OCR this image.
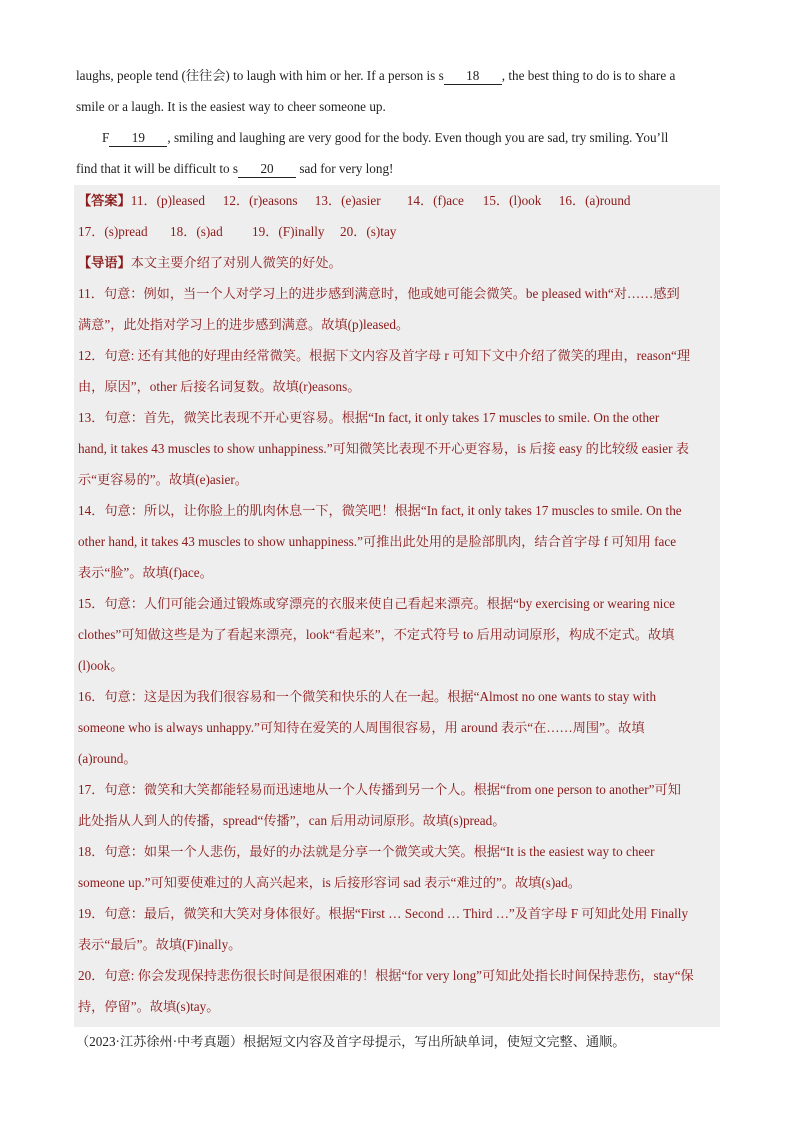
laughs, people tend (往往会) to laugh with him or her. If a person is s 18 , the best thing to do is to share a
smile or a laugh. It is the easiest way to cheer someone up.
F 19 , smiling and laughing are very good for the body. Even though you are sad, try smiling. You’ll
find that it will be difficult to s 20 sad for very long!
【答案】11．(p)leased 12．(r)easons 13．(e)asier 14．(f)ace 15．(l)ook 16．(a)round
17．(s)pread 18．(s)ad 19．(F)inally 20．(s)tay
【导语】本文主要介绍了对别人微笑的好处。
11．句意：例如，当一个人对学习上的进步感到满意时，他或她可能会微笑。be pleased with“对……感到
满意”，此处指对学习上的进步感到满意。故填(p)leased。
12．句意: 还有其他的好理由经常微笑。根据下文内容及首字母 r 可知下文中介绍了微笑的理由，reason“理
由，原因”，other 后接名词复数。故填(r)easons。
13．句意：首先，微笑比表现不开心更容易。根据“In fact, it only takes 17 muscles to smile. On the other
hand, it takes 43 muscles to show unhappiness.”可知微笑比表现不开心更容易，is 后接 easy 的比较级 easier 表
示“更容易的”。故填(e)asier。
14．句意：所以，让你脸上的肌肉休息一下，微笑吧！根据“In fact, it only takes 17 muscles to smile. On the
other hand, it takes 43 muscles to show unhappiness.”可推出此处用的是脸部肌肉，结合首字母 f 可知用 face
表示“脸”。故填(f)ace。
15．句意：人们可能会通过锻炼或穿漂亮的衣服来使自己看起来漂亮。根据“by exercising or wearing nice
clothes”可知做这些是为了看起来漂亮，look“看起来”，不定式符号 to 后用动词原形，构成不定式。故填
(l)ook。
16．句意：这是因为我们很容易和一个微笑和快乐的人在一起。根据“Almost no one wants to stay with
someone who is always unhappy.”可知待在爱笑的人周围很容易，用 around 表示“在……周围”。故填
(a)round。
17．句意：微笑和大笑都能轻易而迅速地从一个人传播到另一个人。根据“from one person to another”可知
此处指从人到人的传播，spread“传播”，can 后用动词原形。故填(s)pread。
18．句意：如果一个人悲伤，最好的办法就是分享一个微笑或大笑。根据“It is the easiest way to cheer
someone up.”可知要使难过的人高兴起来，is 后接形容词 sad 表示“难过的”。故填(s)ad。
19．句意：最后，微笑和大笑对身体很好。根据“First … Second … Third …”及首字母 F 可知此处用 Finally
表示“最后”。故填(F)inally。
20．句意: 你会发现保持悲伤很长时间是很困难的！根据“for very long”可知此处指长时间保持悲伤，stay“保
持，停留”。故填(s)tay。
（2023·江苏徐州·中考真题）根据短文内容及首字母提示，写出所缺单词，使短文完整、通顺。
